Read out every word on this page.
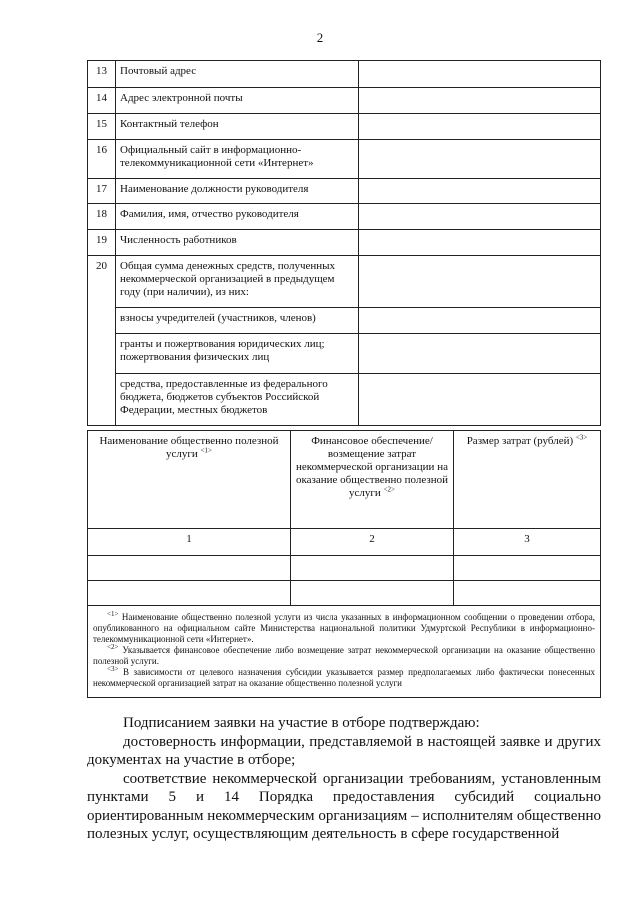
2
13	Почтовый адрес	
14	Адрес электронной почты	
15	Контактный телефон	
16	Официальный сайт в информационно-телекоммуникационной сети «Интернет»	
17	Наименование должности руководителя	
18	Фамилия, имя, отчество руководителя	
19	Численность работников	
20	Общая сумма денежных средств, полученных некоммерческой организацией в предыдущем году (при наличии), из них:	
	взносы учредителей (участников, членов)	
	гранты и пожертвования юридических лиц; пожертвования физических лиц	
	средства, предоставленные из федерального бюджета, бюджетов субъектов Российской Федерации, местных бюджетов	
Наименование общественно полезной услуги $^{<1>}$	Финансовое обеспечение/возмещение затрат некоммерческой организации на оказание общественно полезной услуги $^{<2>}$	Размер затрат (рублей) $^{<3>}$
1	2	3

$^{<1>}$ Наименование общественно полезной услуги из числа указанных в информационном сообщении о проведении отбора, опубликованного на официальном сайте Министерства национальной политики Удмуртской Республики в информационно-телекоммуникационной сети «Интернет».

$^{<2>}$ Указывается финансовое обеспечение либо возмещение затрат некоммерческой организации на оказание общественно полезной услуги.

$^{<3>}$ В зависимости от целевого назначения субсидии указывается размер предполагаемых либо фактически понесенных некоммерческой организацией затрат на оказание общественно полезной услуги		

Подписанием заявки на участие в отборе подтверждаю:

достоверность информации, представляемой в настоящей заявке и других документах на участие в отборе;

соответствие некоммерческой организации требованиям, установленным пунктами 5 и 14 Порядка предоставления субсидий социально ориентированным некоммерческим организациям – исполнителям общественно полезных услуг, осуществляющим деятельность в сфере государственной
